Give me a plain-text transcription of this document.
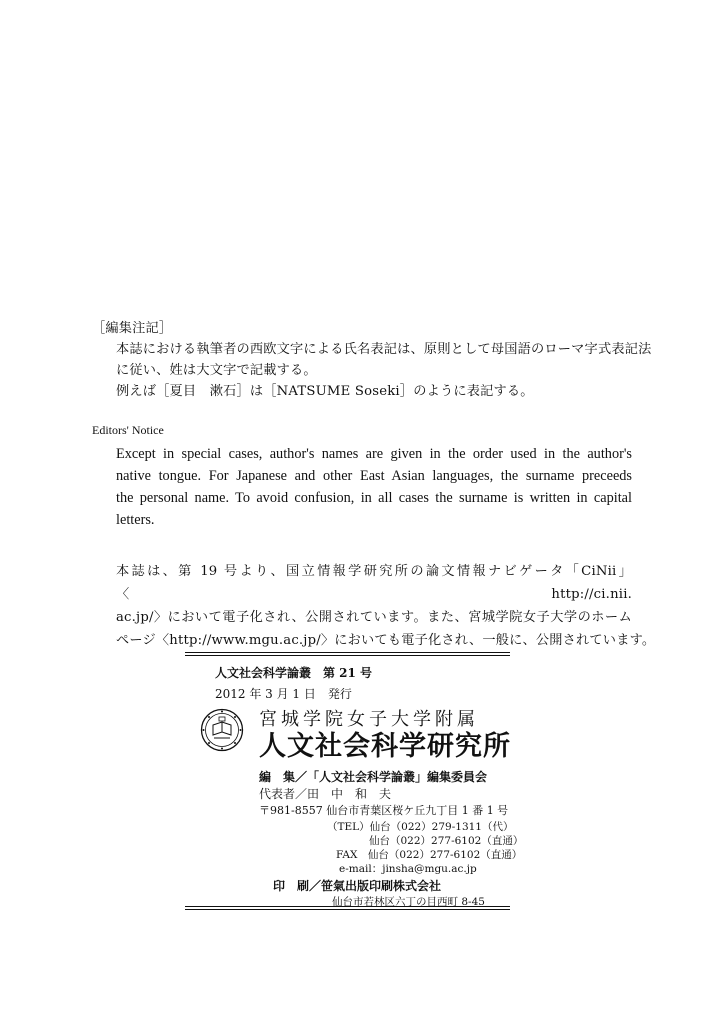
［編集注記］
本誌における執筆者の西欧文字による氏名表記は、原則として母国語のローマ字式表記法
に従い、姓は大文字で記載する。
例えば［夏目　漱石］は［NATSUME Soseki］のように表記する。
Editors' Notice
Except in special cases, author's names are given in the order used in the author's
native tongue. For Japanese and other East Asian languages, the surname preceeds
the personal name. To avoid confusion, in all cases the surname is written in capital
letters.
本誌は、第 19 号より、国立情報学研究所の論文情報ナビゲータ「CiNii」〈http://ci.nii.
ac.jp/〉において電子化され、公開されています。また、宮城学院女子大学のホーム
ページ〈http://www.mgu.ac.jp/〉においても電子化され、一般に、公開されています。
人文社会科学論叢　第 21 号
2012 年 3 月 1 日　発行
宮城学院女子大学附属
人文社会科学研究所
編　集／「人文社会科学論叢」編集委員会
代表者／田　中　和　夫
〒981-8557 仙台市青葉区桜ケ丘九丁目 1 番 1 号
（TEL）仙台（022）279-1311（代）
仙台（022）277-6102（直通）
FAX　仙台（022）277-6102（直通）
e-mail：jinsha@mgu.ac.jp
印　刷／笹氣出版印刷株式会社
仙台市若林区六丁の目西町 8-45
